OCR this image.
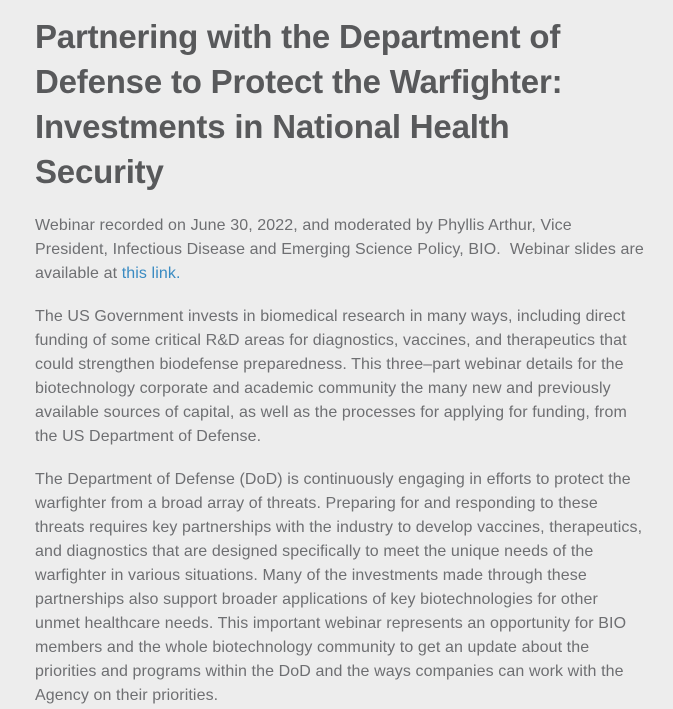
Partnering with the Department of Defense to Protect the Warfighter: Investments in National Health Security

Webinar recorded on June 30, 2022, and moderated by Phyllis Arthur, Vice President, Infectious Disease and Emerging Science Policy, BIO.  Webinar slides are available at this link.

The US Government invests in biomedical research in many ways, including direct funding of some critical R&D areas for diagnostics, vaccines, and therapeutics that could strengthen biodefense preparedness. This three–part webinar details for the biotechnology corporate and academic community the many new and previously available sources of capital, as well as the processes for applying for funding, from the US Department of Defense.

The Department of Defense (DoD) is continuously engaging in efforts to protect the warfighter from a broad array of threats. Preparing for and responding to these threats requires key partnerships with the industry to develop vaccines, therapeutics, and diagnostics that are designed specifically to meet the unique needs of the warfighter in various situations. Many of the investments made through these partnerships also support broader applications of key biotechnologies for other unmet healthcare needs. This important webinar represents an opportunity for BIO members and the whole biotechnology community to get an update about the priorities and programs within the DoD and the ways companies can work with the Agency on their priorities.
